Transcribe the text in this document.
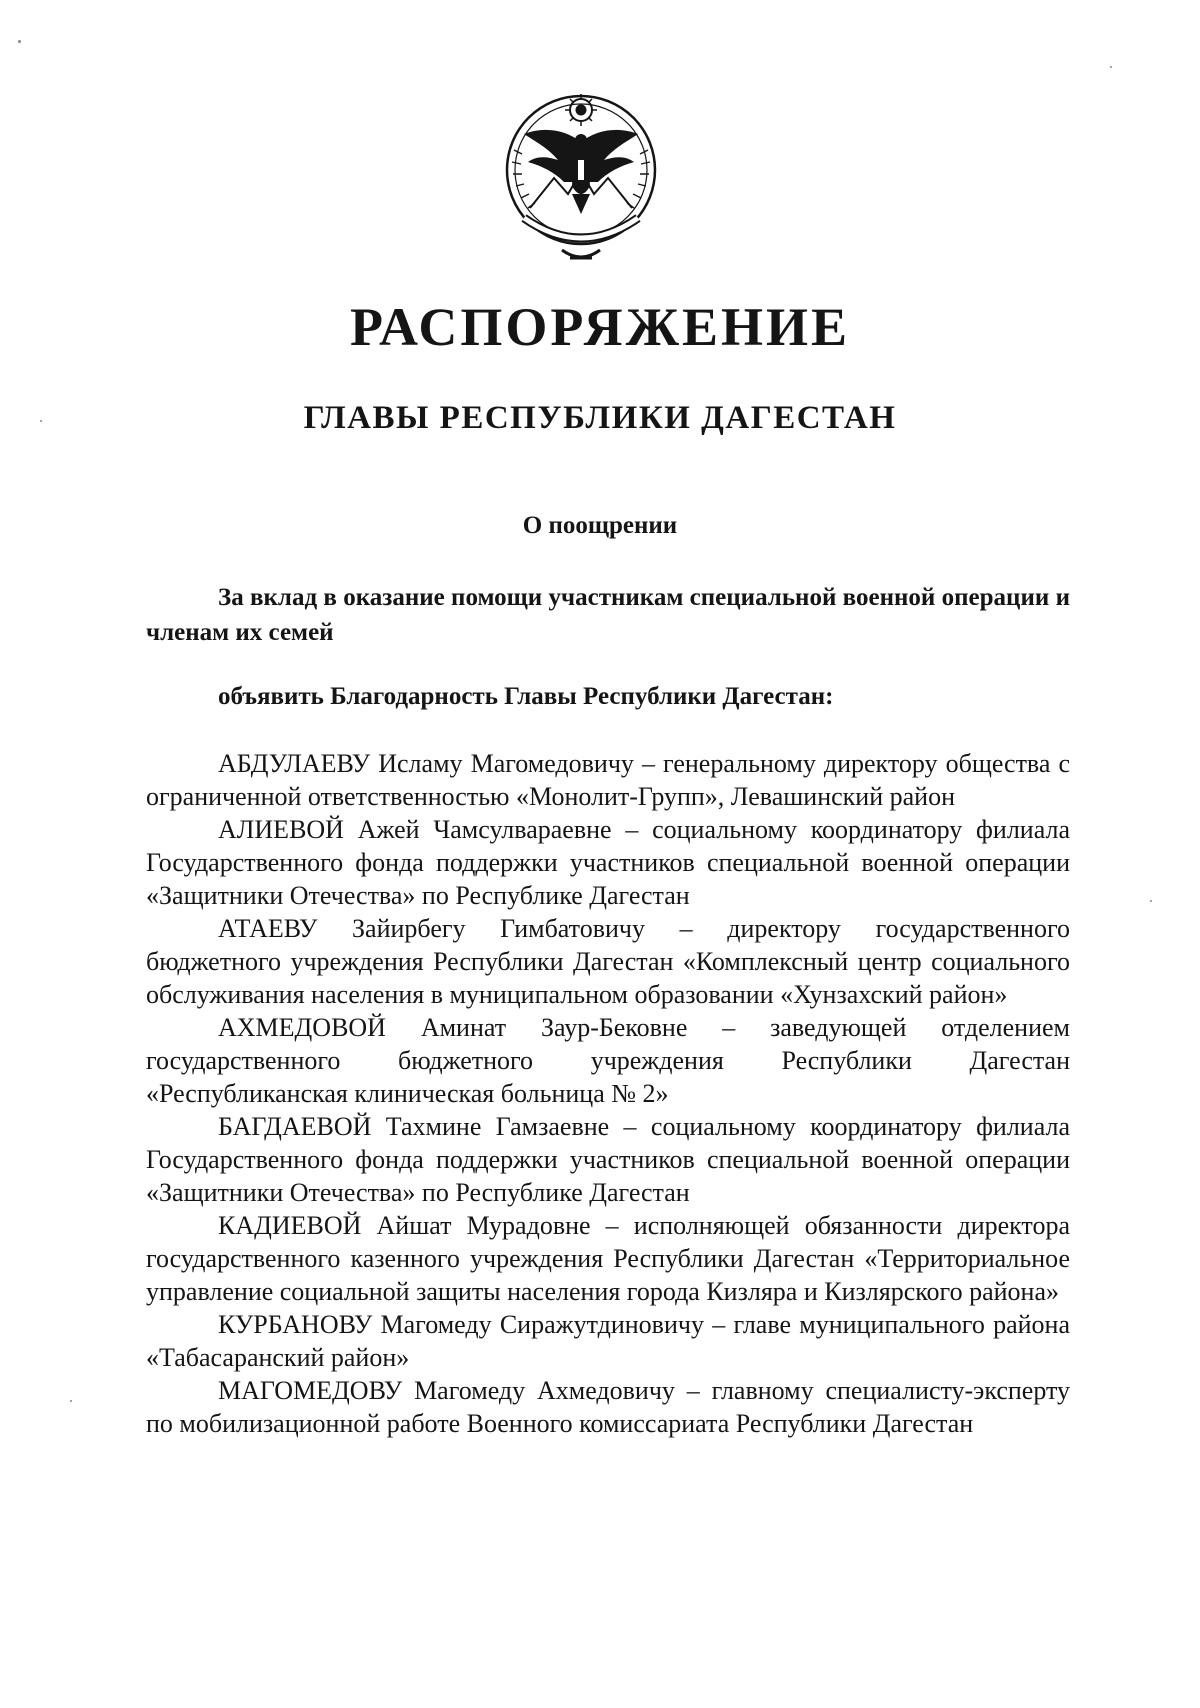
РАСПОРЯЖЕНИЕ
ГЛАВЫ РЕСПУБЛИКИ ДАГЕСТАН
О поощрении
За вклад в оказание помощи участникам специальной военной операции и членам их семей
объявить Благодарность Главы Республики Дагестан:

АБДУЛАЕВУ Исламу Магомедовичу – генеральному директору общества с ограниченной ответственностью «Монолит-Групп», Левашинский район

АЛИЕВОЙ Ажей Чамсулвараевне – социальному координатору филиала Государственного фонда поддержки участников специальной военной операции «Защитники Отечества» по Республике Дагестан

АТАЕВУ Зайирбегу Гимбатовичу – директору государственного бюджетного учреждения Республики Дагестан «Комплексный центр социального обслуживания населения в муниципальном образовании «Хунзахский район»

АХМЕДОВОЙ Аминат Заур-Бековне – заведующей отделением государственного бюджетного учреждения Республики Дагестан «Республиканская клиническая больница № 2»

БАГДАЕВОЙ Тахмине Гамзаевне – социальному координатору филиала Государственного фонда поддержки участников специальной военной операции «Защитники Отечества» по Республике Дагестан

КАДИЕВОЙ Айшат Мурадовне – исполняющей обязанности директора государственного казенного учреждения Республики Дагестан «Территориальное управление социальной защиты населения города Кизляра и Кизлярского района»

КУРБАНОВУ Магомеду Сиражутдиновичу – главе муниципального района «Табасаранский район»

МАГОМЕДОВУ Магомеду Ахмедовичу – главному специалисту-эксперту по мобилизационной работе Военного комиссариата Республики Дагестан
